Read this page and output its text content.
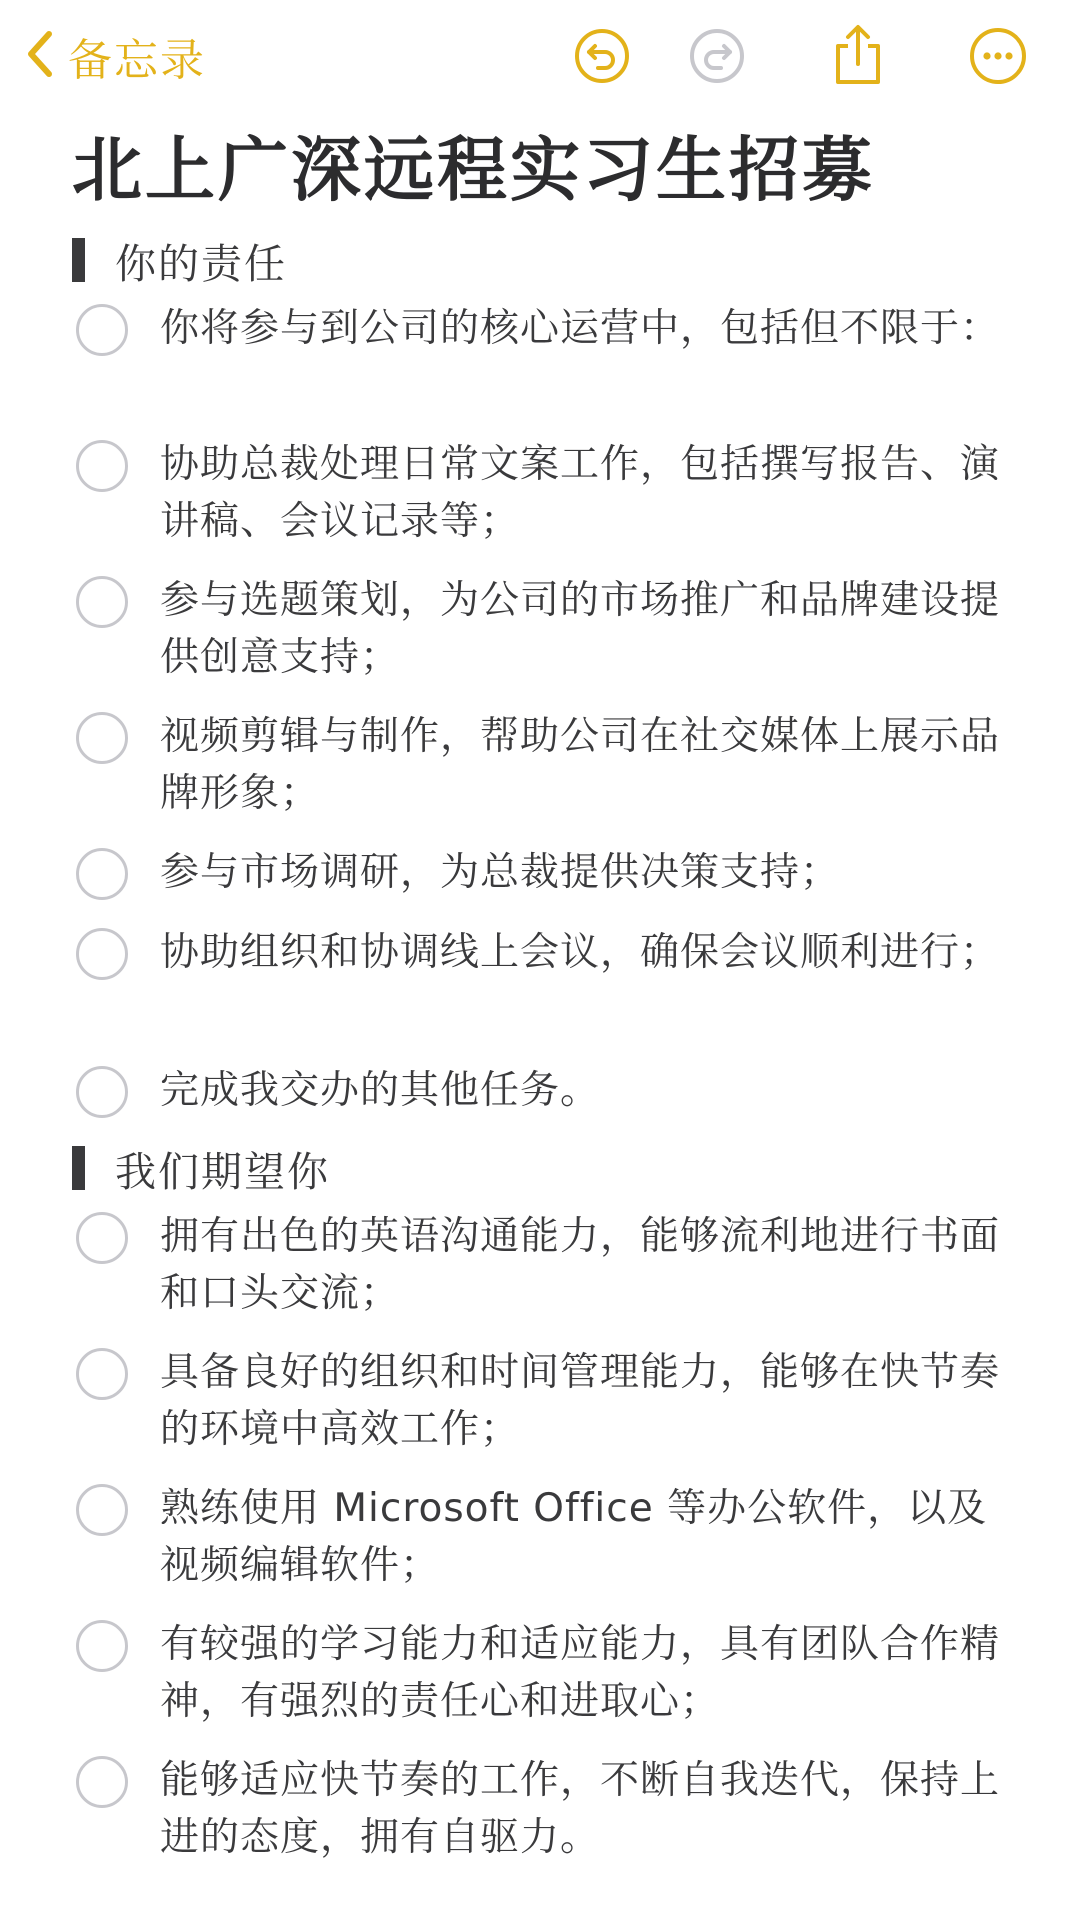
备忘录
北上广深远程实习生招募
你的责任
你将参与到公司的核心运营中，包括但不限于：
协助总裁处理日常文案工作，包括撰写报告、演讲稿、会议记录等；
参与选题策划，为公司的市场推广和品牌建设提供创意支持；
视频剪辑与制作，帮助公司在社交媒体上展示品牌形象；
参与市场调研，为总裁提供决策支持；
协助组织和协调线上会议，确保会议顺利进行；
完成我交办的其他任务。
我们期望你
拥有出色的英语沟通能力，能够流利地进行书面和口头交流；
具备良好的组织和时间管理能力，能够在快节奏的环境中高效工作；
熟练使用 Microsoft Office 等办公软件，以及视频编辑软件；
有较强的学习能力和适应能力，具有团队合作精神，有强烈的责任心和进取心；
能够适应快节奏的工作，不断自我迭代，保持上进的态度，拥有自驱力。
